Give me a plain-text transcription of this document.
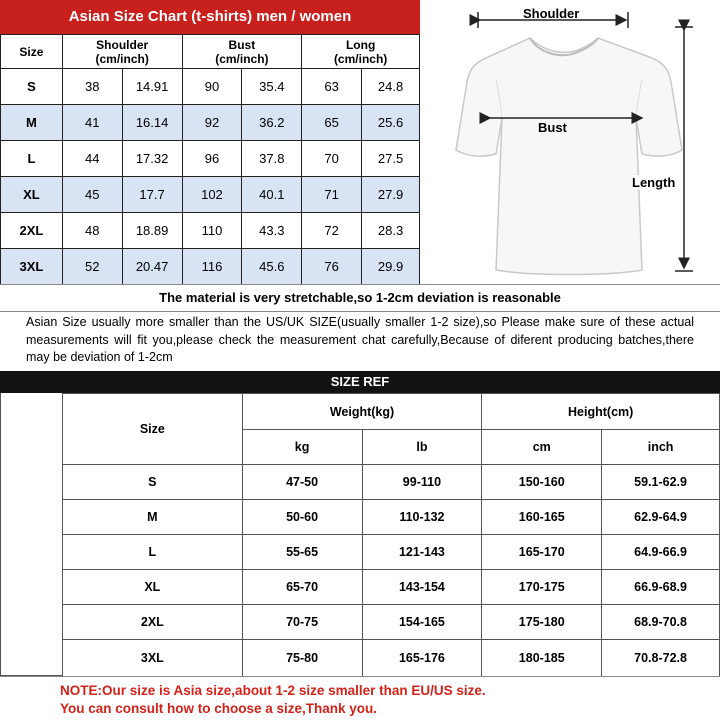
Asian Size Chart (t-shirts) men / women
Size	Shoulder
(cm/inch)		Bust
(cm/inch)		Long
(cm/inch)	
S	38	14.91	90	35.4	63	24.8
M	41	16.14	92	36.2	65	25.6
L	44	17.32	96	37.8	70	27.5
XL	45	17.7	102	40.1	71	27.9
2XL	48	18.89	110	43.3	72	28.3
3XL	52	20.47	116	45.6	76	29.9
Shoulder
Bust
Length
The material is very stretchable,so 1-2cm deviation is reasonable
Asian Size usually more smaller than the US/UK SIZE(usually smaller 1-2 size),so Please make sure of these actual measurements will fit you,please check the measurement chat carefully,Because of diferent producing batches,there may be deviation of 1-2cm
SIZE REF
Size	Weight(kg)		Height(cm)	
	kg	lb	cm	inch
S	47-50	99-110	150-160	59.1-62.9
M	50-60	110-132	160-165	62.9-64.9
L	55-65	121-143	165-170	64.9-66.9
XL	65-70	143-154	170-175	66.9-68.9
2XL	70-75	154-165	175-180	68.9-70.8
3XL	75-80	165-176	180-185	70.8-72.8
NOTE:Our size is Asia size,about 1-2 size smaller than EU/US size.
You can consult how to choose a size,Thank you.
